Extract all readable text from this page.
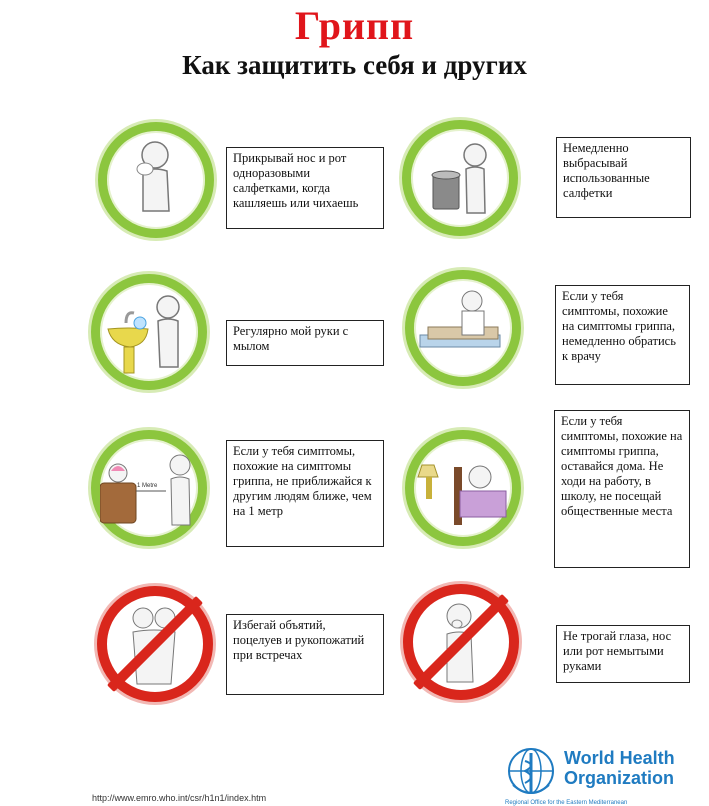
Грипп
Как защитить себя и других
Прикрывай нос и рот одноразовыми салфетками, когда кашляешь или чихаешь
Немедленно выбрасывай использованные салфетки
Регулярно мой руки с мылом
Если у тебя симптомы, похожие на симптомы гриппа, немедленно обратись к врачу
1 Metre
Если у тебя симптомы, похожие на симптомы гриппа, не приближайся к другим людям ближе, чем на 1 метр
Если у тебя симптомы, похожие на симптомы гриппа, оставайся дома. Не ходи на работу, в школу, не посещай общественные места
Избегай объятий, поцелуев и рукопожатий при встречах
Не трогай глаза, нос или рот немытыми руками
http://www.emro.who.int/csr/h1n1/index.htm
World Health
Organization
Regional Office for the Eastern Mediterranean
